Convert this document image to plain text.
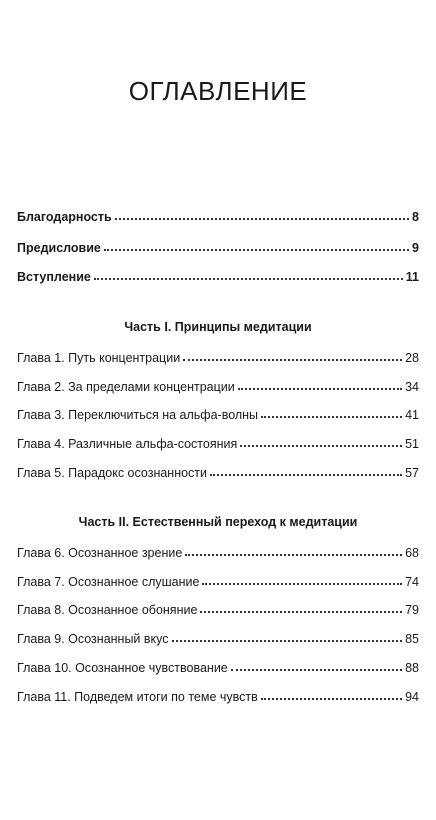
ОГЛАВЛЕНИЕ
Благодарность	8
Предисловие	9
Вступление	11
Часть I. Принципы медитации
Глава 1. Путь концентрации	28
Глава 2. За пределами концентрации	34
Глава 3. Переключиться на альфа-волны	41
Глава 4. Различные альфа-состояния	51
Глава 5. Парадокс осознанности	57
Часть II. Естественный переход к медитации
Глава 6. Осознанное зрение	68
Глава 7. Осознанное слушание	74
Глава 8. Осознанное обоняние	79
Глава 9. Осознанный вкус	85
Глава 10. Осознанное чувствование	88
Глава 11. Подведем итоги по теме чувств	94
